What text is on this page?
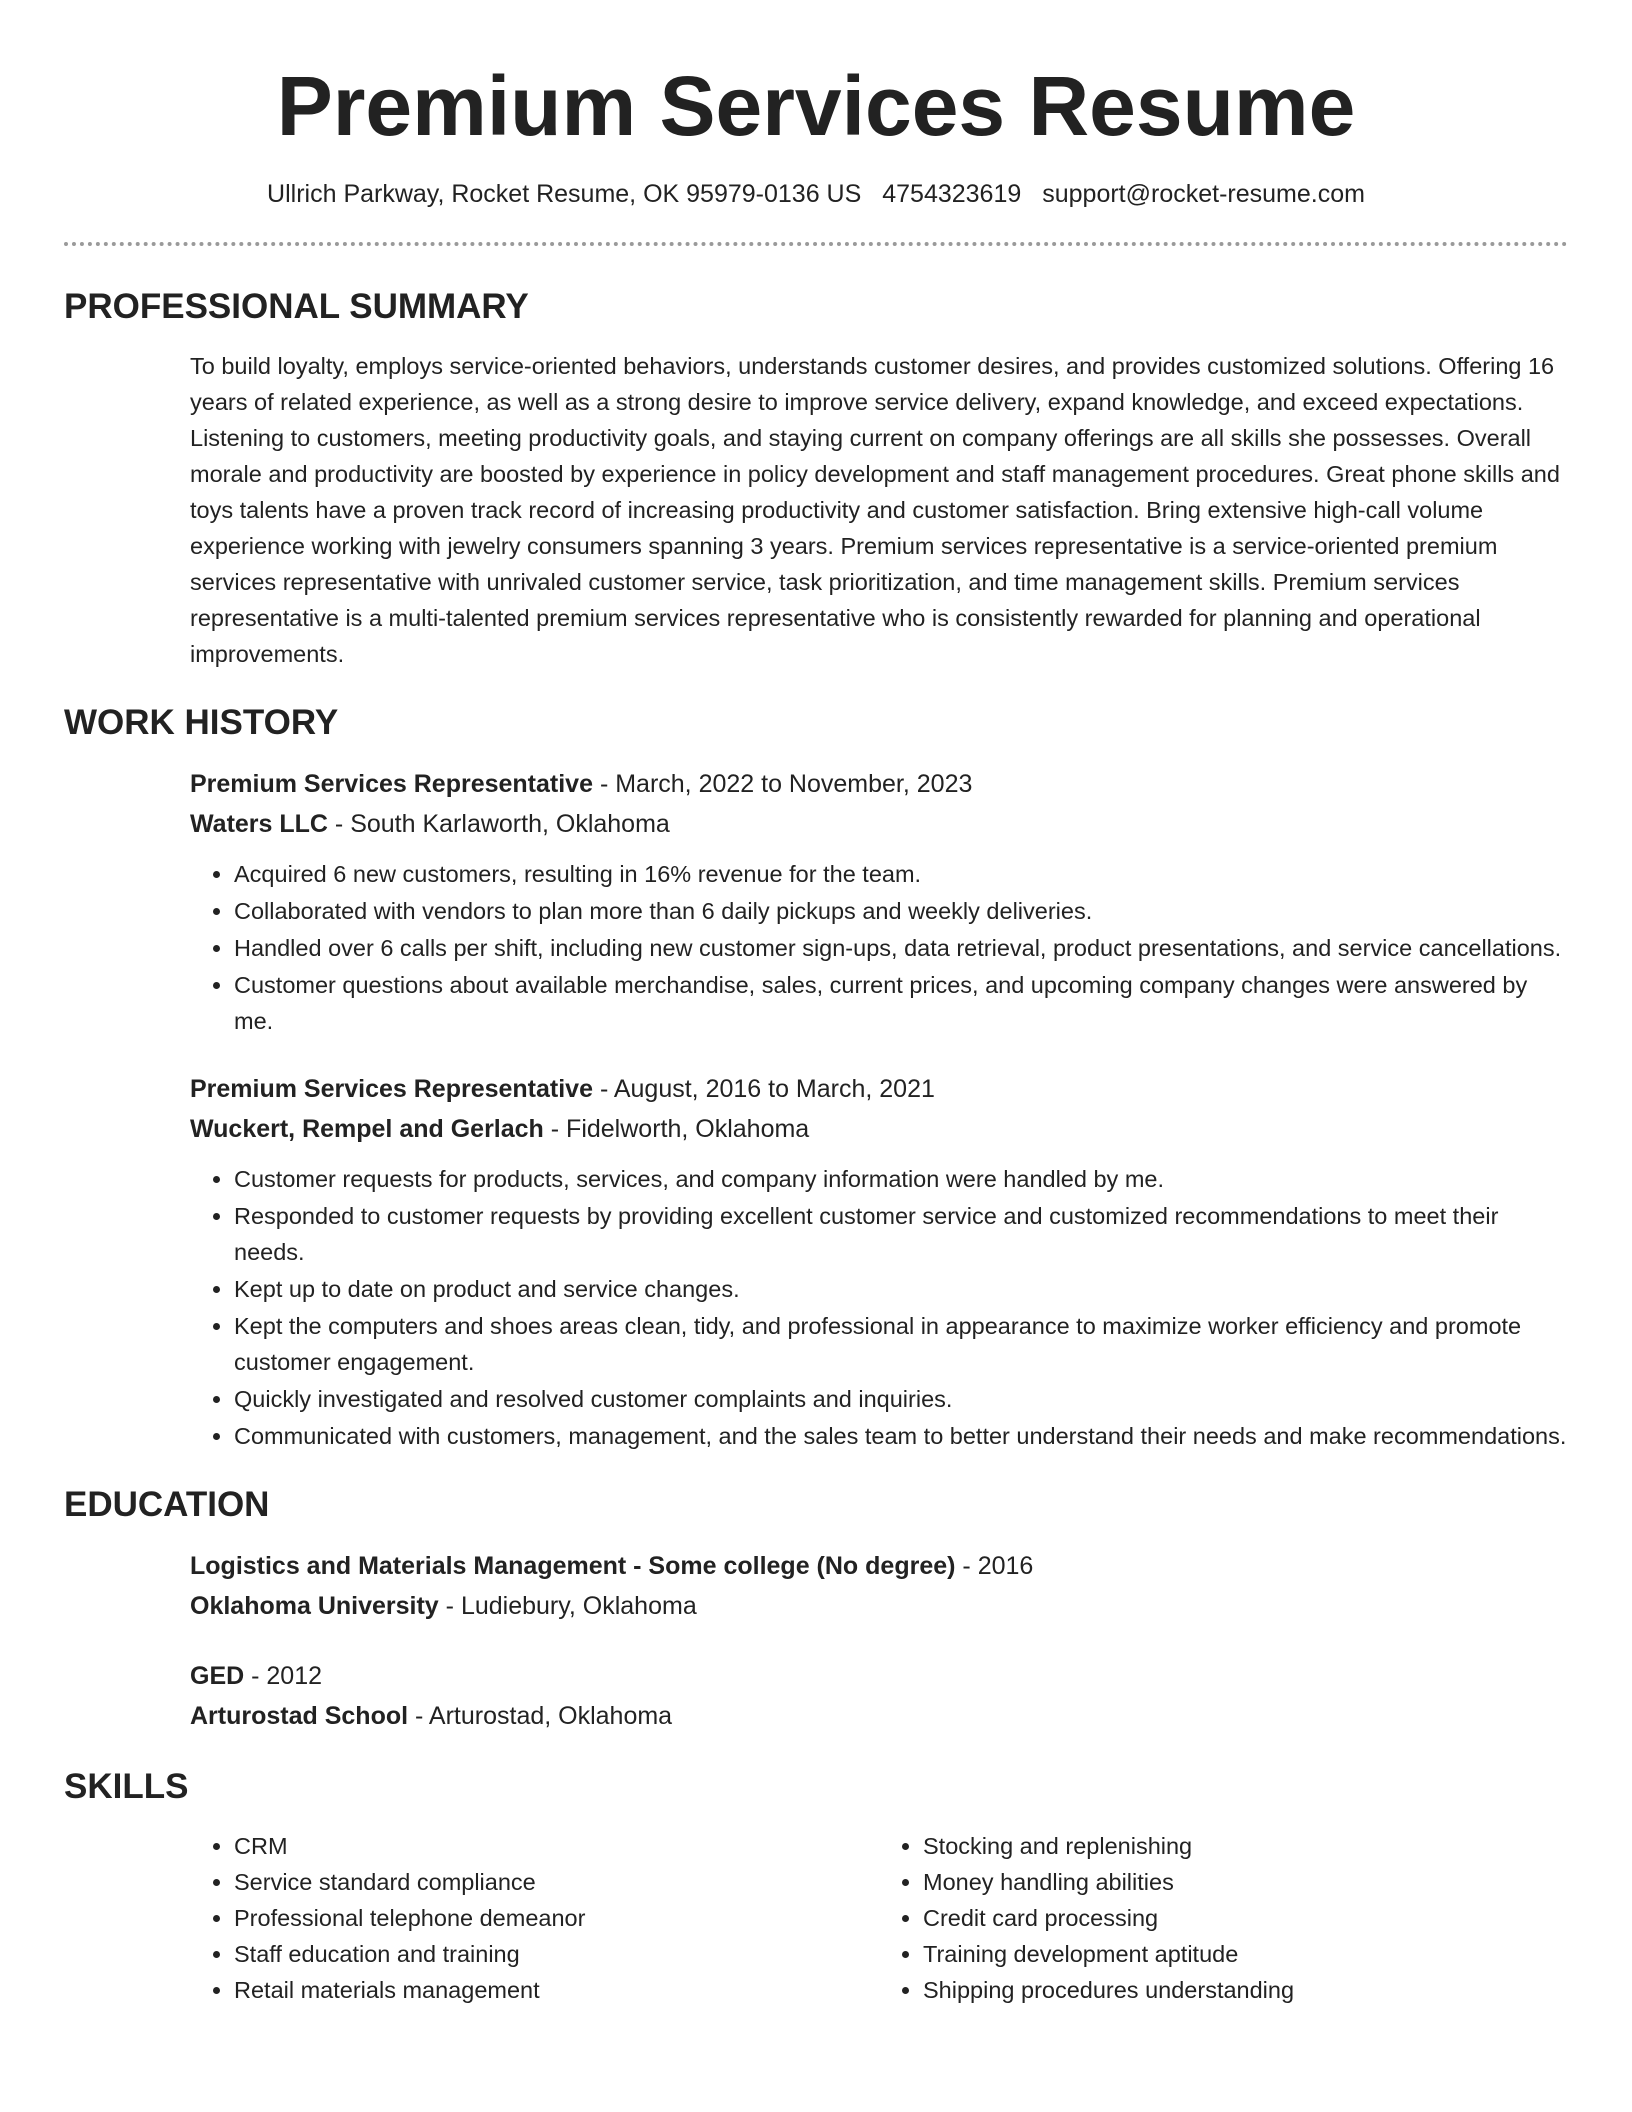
Premium Services Resume
Ullrich Parkway, Rocket Resume, OK 95979-0136 US 4754323619 support@rocket-resume.com
PROFESSIONAL SUMMARY

To build loyalty, employs service-oriented behaviors, understands customer desires, and provides customized solutions. Offering 16 years of related experience, as well as a strong desire to improve service delivery, expand knowledge, and exceed expectations. Listening to customers, meeting productivity goals, and staying current on company offerings are all skills she possesses. Overall morale and productivity are boosted by experience in policy development and staff management procedures. Great phone skills and toys talents have a proven track record of increasing productivity and customer satisfaction. Bring extensive high-call volume experience working with jewelry consumers spanning 3 years. Premium services representative is a service-oriented premium services representative with unrivaled customer service, task prioritization, and time management skills. Premium services representative is a multi-talented premium services representative who is consistently rewarded for planning and operational improvements.

WORK HISTORY

Premium Services Representative - March, 2022 to November, 2023

Waters LLC - South Karlaworth, Oklahoma

• Acquired 6 new customers, resulting in 16% revenue for the team.
• Collaborated with vendors to plan more than 6 daily pickups and weekly deliveries.
• Handled over 6 calls per shift, including new customer sign-ups, data retrieval, product presentations, and service cancellations.
• Customer questions about available merchandise, sales, current prices, and upcoming company changes were answered by me.

Premium Services Representative - August, 2016 to March, 2021

Wuckert, Rempel and Gerlach - Fidelworth, Oklahoma

• Customer requests for products, services, and company information were handled by me.
• Responded to customer requests by providing excellent customer service and customized recommendations to meet their needs.
• Kept up to date on product and service changes.
• Kept the computers and shoes areas clean, tidy, and professional in appearance to maximize worker efficiency and promote customer engagement.
• Quickly investigated and resolved customer complaints and inquiries.
• Communicated with customers, management, and the sales team to better understand their needs and make recommendations.
EDUCATION

Logistics and Materials Management - Some college (No degree) - 2016

Oklahoma University - Ludiebury, Oklahoma

GED - 2012

Arturostad School - Arturostad, Oklahoma

SKILLS
• CRM
• Service standard compliance
• Professional telephone demeanor
• Staff education and training
• Retail materials management
• Stocking and replenishing
• Money handling abilities
• Credit card processing
• Training development aptitude
• Shipping procedures understanding
